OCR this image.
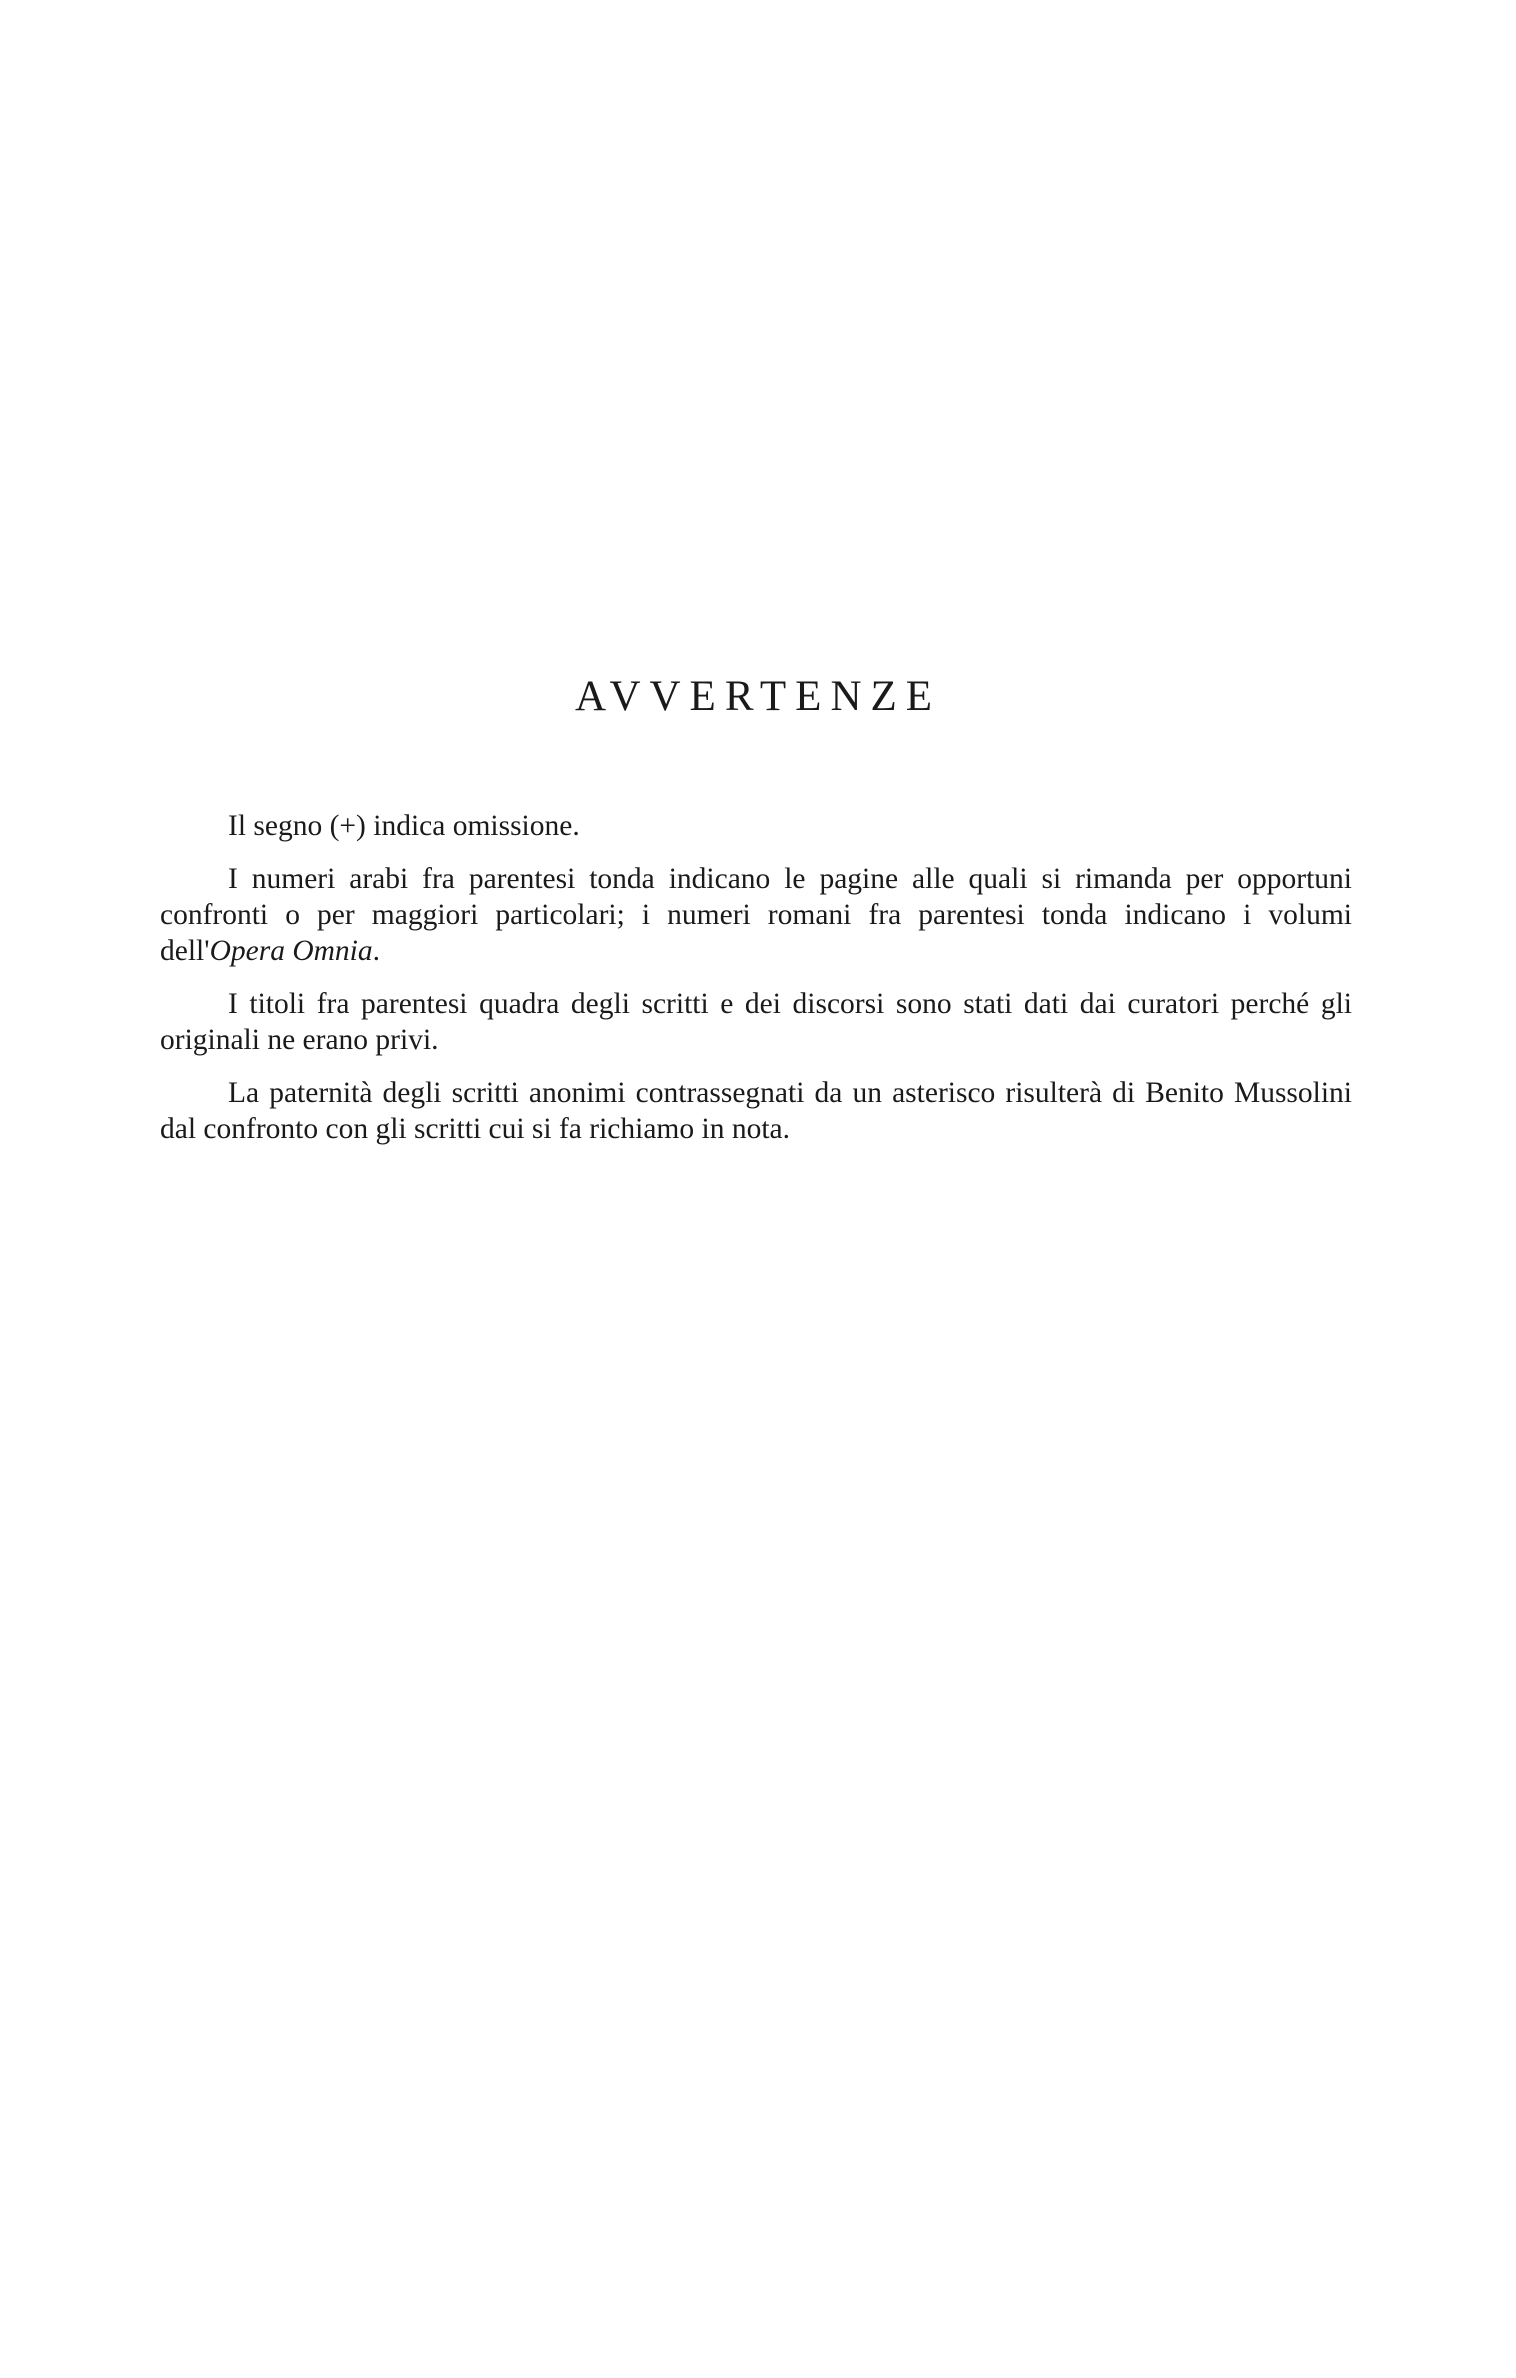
AVVERTENZE

Il segno (+) indica omissione.

I numeri arabi fra parentesi tonda indicano le pagine alle quali si rimanda per opportuni confronti o per maggiori particolari; i numeri romani fra parentesi tonda indicano i volumi dell'Opera Omnia.

I titoli fra parentesi quadra degli scritti e dei discorsi sono stati dati dai curatori perché gli originali ne erano privi.

La paternità degli scritti anonimi contrassegnati da un asterisco risulterà di Benito Mussolini dal confronto con gli scritti cui si fa richiamo in nota.
